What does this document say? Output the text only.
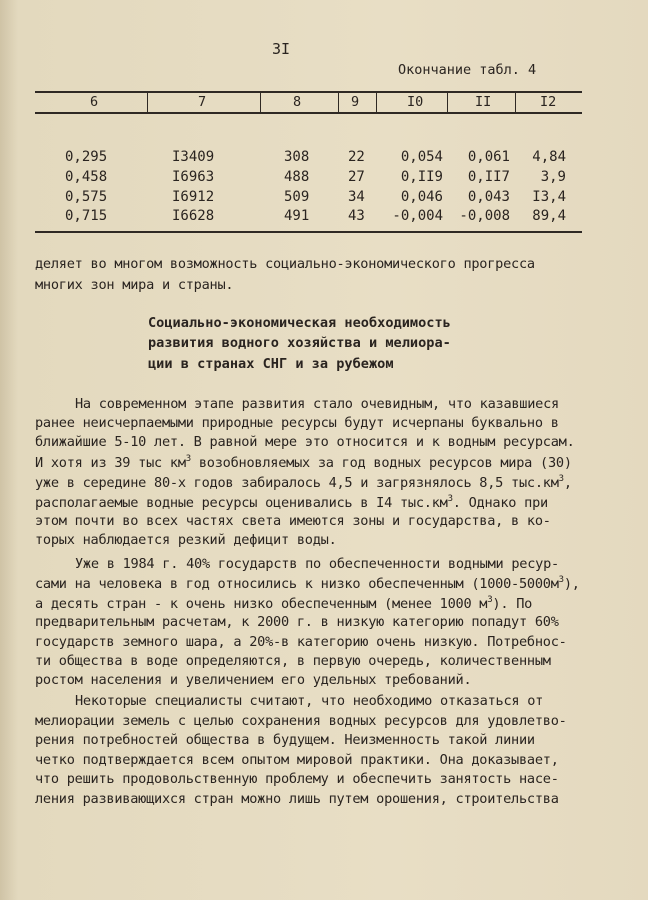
3I
Окончание табл. 4
6	7	8	9	I0	II	I2
0,295	I3409	308	22	0,054	0,061	4,84
0,458	I6963	488	27	0,II9	0,II7	3,9
0,575	I6912	509	34	0,046	0,043	I3,4
0,715	I6628	491	43	-0,004	-0,008	89,4
деляет во многом возможность социально-экономического прогресса
многих зон мира и страны.
Социально-экономическая необходимость
развития водного хозяйства и мелиора-
ции в странах СНГ и за рубежом
На современном этапе развития стало очевидным, что казавшиеся
ранее неисчерпаемыми природные ресурсы будут исчерпаны буквально в
ближайшие 5-10 лет. В равной мере это относится и к водным ресурсам.
И хотя из 39 тыс $км^3$ возобновляемых за год водных ресурсов мира (30)
уже в середине 80-х годов забиралось 4,5 и загрязнялось 8,5 $тыс.км^3$,
располагаемые водные ресурсы оценивались в I4 $тыс.км^3$. Однако при
этом почти во всех частях света имеются зоны и государства, в ко-
торых наблюдается резкий дефицит воды.
Уже в 1984 г. 40% государств по обеспеченности водными ресур-
сами на человека в год относились к низко обеспеченным $(1000-5000м^3)$,
а десять стран - к очень низко обеспеченным (менее 1000 $м^3$). По
предварительным расчетам, к 2000 г. в низкую категорию попадут 60%
государств земного шара, а 20%-в категорию очень низкую. Потребнос-
ти общества в воде определяются, в первую очередь, количественным
ростом населения и увеличением его удельных требований.
Некоторые специалисты считают, что необходимо отказаться от
мелиорации земель с целью сохранения водных ресурсов для удовлетво-
рения потребностей общества в будущем. Неизменность такой линии
четко подтверждается всем опытом мировой практики. Она доказывает,
что решить продовольственную проблему и обеспечить занятость насе-
ления развивающихся стран можно лишь путем орошения, строительства
